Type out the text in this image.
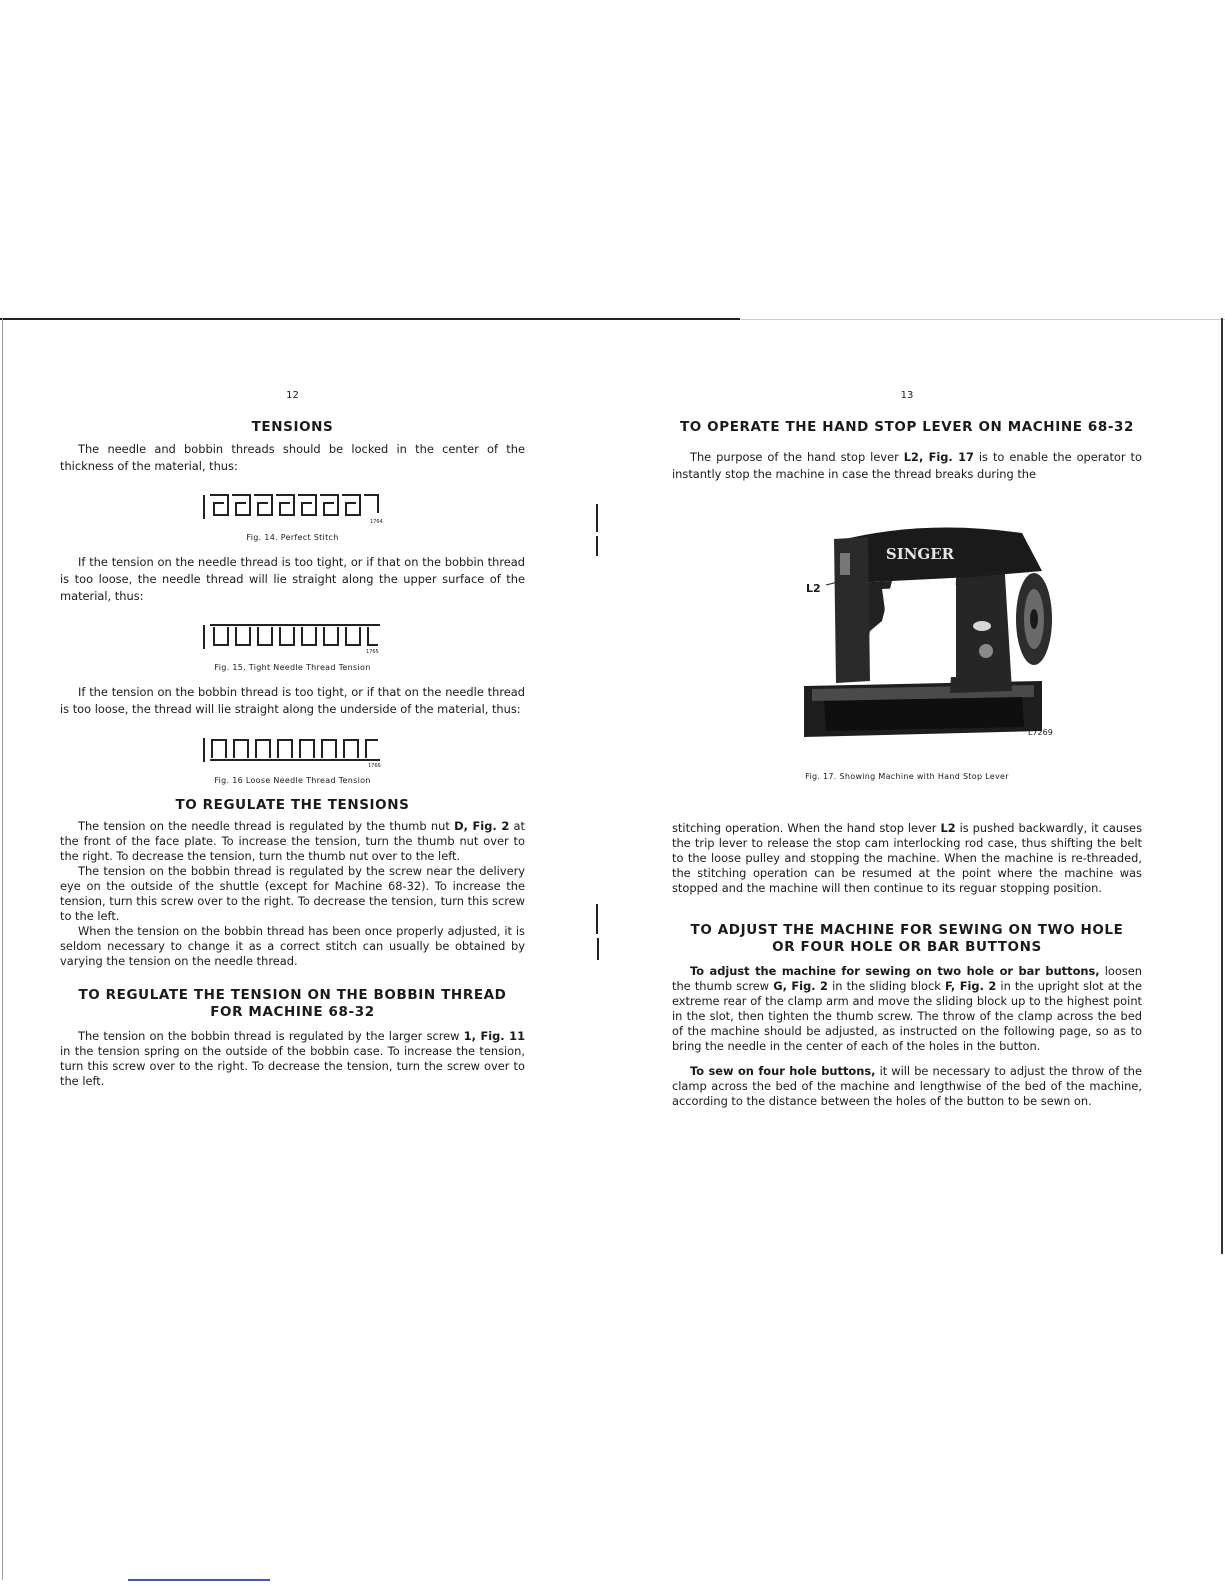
12
TENSIONS

The needle and bobbin threads should be locked in the center of the thickness of the material, thus:

1764
Fig. 14. Perfect Stitch

If the tension on the needle thread is too tight, or if that on the bobbin thread is too loose, the needle thread will lie straight along the upper surface of the material, thus:

1765
Fig. 15. Tight Needle Thread Tension

If the tension on the bobbin thread is too tight, or if that on the needle thread is too loose, the thread will lie straight along the underside of the material, thus:

1766
Fig. 16 Loose Needle Thread Tension
TO REGULATE THE TENSIONS

The tension on the needle thread is regulated by the thumb nut D, Fig. 2 at the front of the face plate. To increase the tension, turn the thumb nut over to the right. To decrease the tension, turn the thumb nut over to the left.

The tension on the bobbin thread is regulated by the screw near the delivery eye on the outside of the shuttle (except for Machine 68-32). To increase the tension, turn this screw over to the right. To decrease the tension, turn this screw to the left.

When the tension on the bobbin thread has been once properly adjusted, it is seldom necessary to change it as a correct stitch can usually be obtained by varying the tension on the needle thread.

TO REGULATE THE TENSION ON THE BOBBIN THREAD
FOR MACHINE 68-32

The tension on the bobbin thread is regulated by the larger screw 1, Fig. 11 in the tension spring on the outside of the bobbin case. To increase the tension, turn this screw over to the right. To decrease the tension, turn the screw over to the left.

13
TO OPERATE THE HAND STOP LEVER ON MACHINE 68-32

The purpose of the hand stop lever L2, Fig. 17 is to enable the operator to instantly stop the machine in case the thread breaks during the

SINGER
L2
L7269
Fig. 17. Showing Machine with Hand Stop Lever

stitching operation. When the hand stop lever L2 is pushed backwardly, it causes the trip lever to release the stop cam interlocking rod case, thus shifting the belt to the loose pulley and stopping the machine. When the machine is re-threaded, the stitching operation can be resumed at the point where the machine was stopped and the machine will then continue to its reguar stopping position.

TO ADJUST THE MACHINE FOR SEWING ON TWO HOLE
OR FOUR HOLE OR BAR BUTTONS

To adjust the machine for sewing on two hole or bar buttons, loosen the thumb screw G, Fig. 2 in the sliding block F, Fig. 2 in the upright slot at the extreme rear of the clamp arm and move the sliding block up to the highest point in the slot, then tighten the thumb screw. The throw of the clamp across the bed of the machine should be adjusted, as instructed on the following page, so as to bring the needle in the center of each of the holes in the button.

To sew on four hole buttons, it will be necessary to adjust the throw of the clamp across the bed of the machine and lengthwise of the bed of the machine, according to the distance between the holes of the button to be sewn on.
